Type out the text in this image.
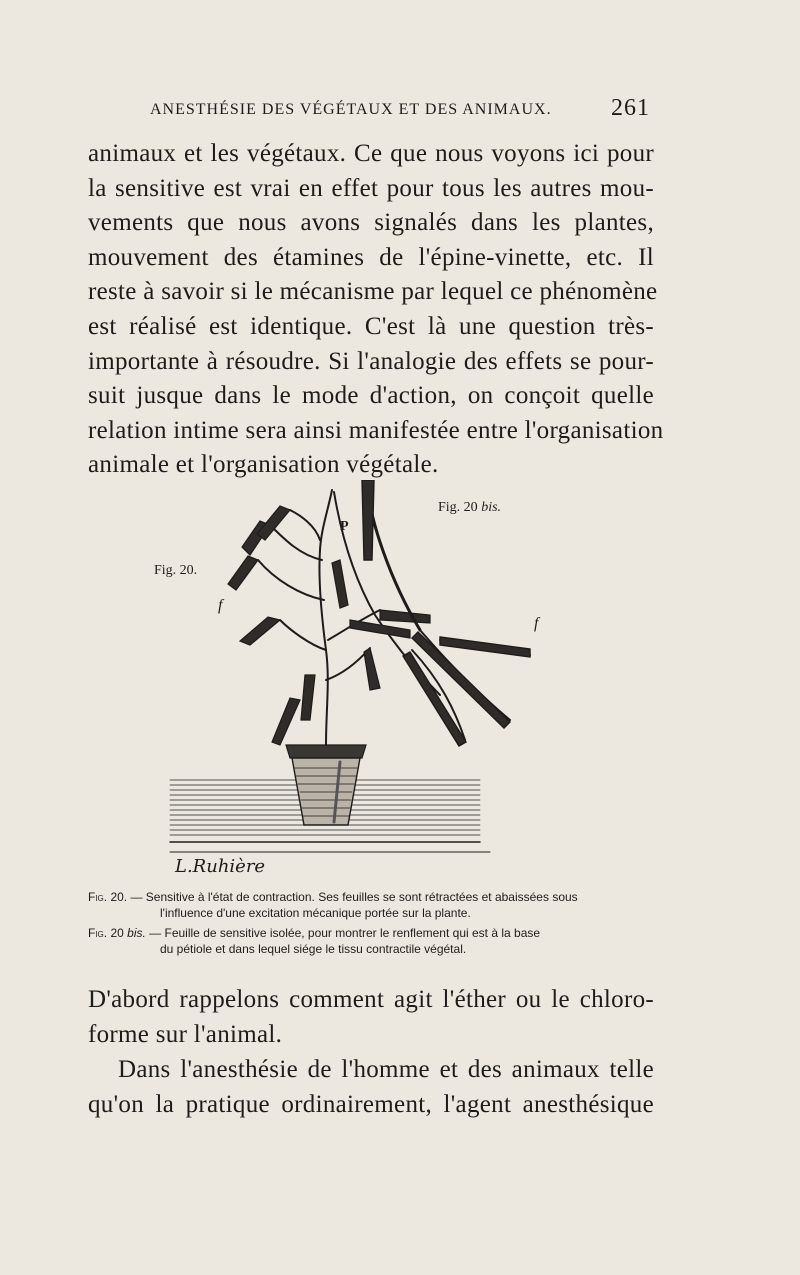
ANESTHÉSIE DES VÉGÉTAUX ET DES ANIMAUX. 261
animaux et les végétaux. Ce que nous voyons ici pour
la sensitive est vrai en effet pour tous les autres mou-
vements que nous avons signalés dans les plantes,
mouvement des étamines de l'épine-vinette, etc. Il
reste à savoir si le mécanisme par lequel ce phénomène
est réalisé est identique. C'est là une question très-
importante à résoudre. Si l'analogie des effets se pour-
suit jusque dans le mode d'action, on conçoit quelle
relation intime sera ainsi manifestée entre l'organisation
animale et l'organisation végétale.
P
f
f
L.Ruhière
Fig. 20.
Fig. 20 bis.
Fig. 20. — Sensitive à l'état de contraction. Ses feuilles se sont rétractées et abaissées sous
l'influence d'une excitation mécanique portée sur la plante.
Fig. 20 bis. — Feuille de sensitive isolée, pour montrer le renflement qui est à la base
du pétiole et dans lequel siége le tissu contractile végétal.
D'abord rappelons comment agit l'éther ou le chloro-
forme sur l'animal.
Dans l'anesthésie de l'homme et des animaux telle
qu'on la pratique ordinairement, l'agent anesthésique
